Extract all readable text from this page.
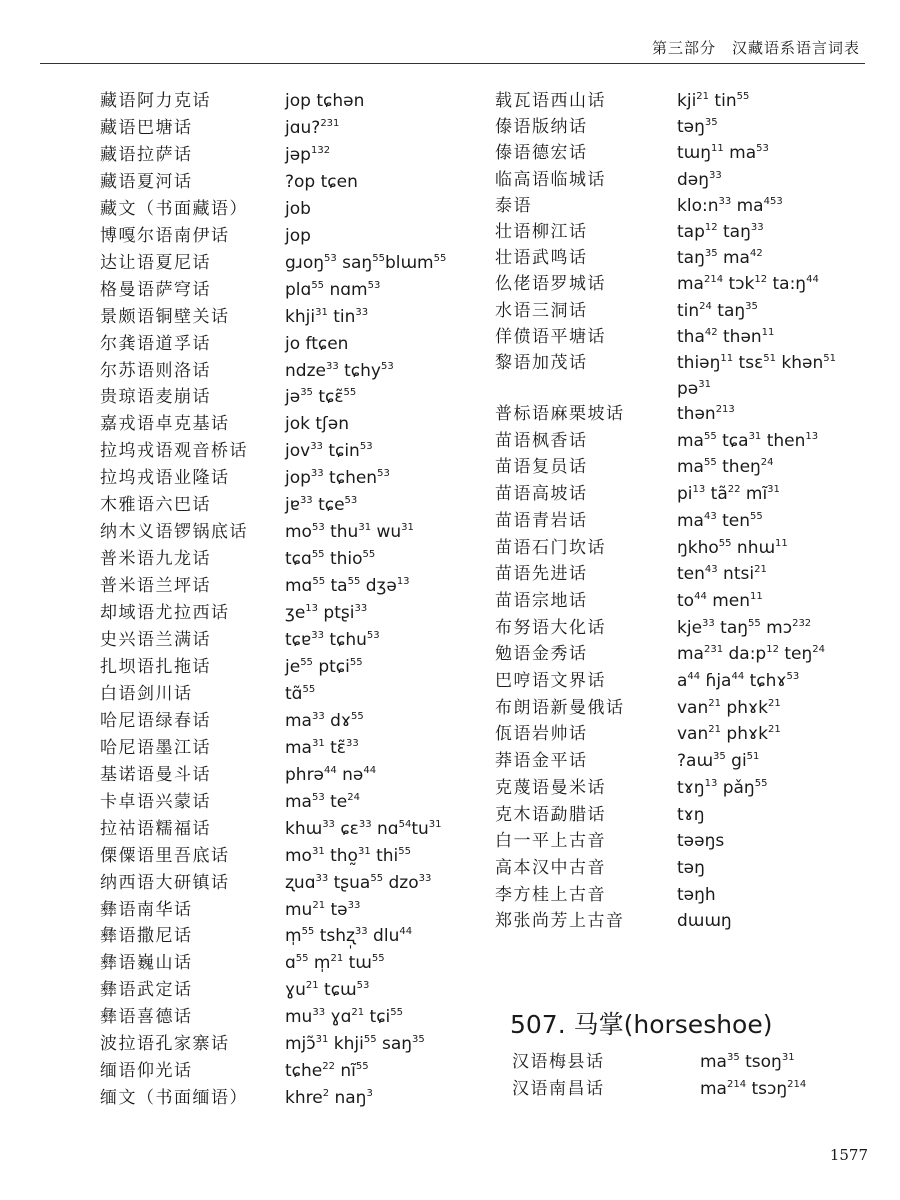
第三部分　汉藏语系语言词表
藏语阿力克话	jop tɕhən
藏语巴塘话	jɑu?$^{231}$
藏语拉萨话	jəp$^{132}$
藏语夏河话	?op tɕen
藏文（书面藏语） job
博嘎尔语南伊话	jop
达让语夏尼话	gɹoŋ$^{53}$ saŋ$^{55}$blɯm$^{55}$
格曼语萨穹话	plɑ$^{55}$ nɑm$^{53}$
景颇语铜壁关话	khji$^{31}$ tin$^{33}$
尔龚语道孚话	jo ftɕen
尔苏语则洛话	ndze$^{33}$ tɕhy$^{53}$
贵琼语麦崩话	jə$^{35}$ tɕɛ̃$^{55}$
嘉戎语卓克基话	jok tʃən
拉坞戎语观音桥话 jov$^{33}$ tɕin$^{53}$
拉坞戎语业隆话	jop$^{33}$ tɕhen$^{53}$
木雅语六巴话	jɐ$^{33}$ tɕe$^{53}$
纳木义语锣锅底话 $mo^{53}$ thu$^{31}$ $wu^{31}$
普米语九龙话	tɕɑ$^{55}$ thio$^{55}$
普米语兰坪话	mɑ$^{55}$ $ta^{55}$ dʒə$^{13}$
却域语尤拉西话	ʒe$^{13}$ ptʂi$^{33}$
史兴语兰满话	tɕɐ$^{33}$ tɕhu$^{53}$
扎坝语扎拖话	$je^{55}$ ptɕi$^{55}$
白语剑川话	tɑ̃$^{55}$
哈尼语绿春话	$ma^{33}$ dɤ$^{55}$
哈尼语墨江话	$ma^{31}$ tɛ̃$^{33}$
基诺语曼斗话	phrə$^{44}$ nə$^{44}$
卡卓语兴蒙话	$ma^{53}$ $te^{24}$
拉祜语糯福话	khɯ$^{33}$ ɕɛ$^{33}$ $nɑ^{54}tu^{31}$
傈僳语里吾底话	$mo^{31}$ tho̰$^{31}$ thi$^{55}$
纳西语大研镇话	ʐuɑ$^{33}$ tʂua$^{55}$ dzo$^{33}$
彝语南华话	$mu^{21}$ tə$^{33}$
彝语撒尼话	m̩$^{55}$ tshʐ̩$^{33}$ dlu$^{44}$
彝语巍山话	ɑ$^{55}$ m̩$^{21}$ tɯ$^{55}$
彝语武定话	ɣu$^{21}$ tɕɯ$^{53}$
彝语喜德话	$mu^{33}$ ɣɑ$^{21}$ tɕi$^{55}$
波拉语孔家寨话	mjɔ̃$^{31}$ khji$^{55}$ saŋ$^{35}$
缅语仰光话	tɕhe$^{22}$ $nĩ^{55}$
缅文（书面缅语） khre$^2$ naŋ$^3$
载瓦语西山话	kji$^{21}$ tin$^{55}$
傣语版纳话	təŋ$^{35}$
傣语德宏话	tɯŋ$^{11}$ $ma^{53}$
临高语临城话	dəŋ$^{33}$
泰语	$klo:n^{33}$ $ma^{453}$
壮语柳江话	tap$^{12}$ taŋ$^{33}$
壮语武鸣话	taŋ$^{35}$ $ma^{42}$
仫佬语罗城话	$ma^{214}$ tɔk$^{12}$ $ta:ŋ^{44}$
水语三洞话	tin$^{24}$ taŋ$^{35}$
佯偾语平塘话	tha$^{42}$ thən$^{11}$
黎语加茂话	thiəŋ$^{11}$ tsɛ$^{51}$ khən$^{51}$
pə$^{31}$
普标语麻栗坡话	thən$^{213}$
苗语枫香话	$ma^{55}$ tɕa$^{31}$ then$^{13}$
苗语复员话	$ma^{55}$ theŋ$^{24}$
苗语高坡话	$pi^{13}$ $tã^{22}$ $mĩ^{31}$
苗语青岩话	$ma^{43}$ ten$^{55}$
苗语石门坎话	ŋkho$^{55}$ nhɯ$^{11}$
苗语先进话	ten$^{43}$ ntsi$^{21}$
苗语宗地话	$to^{44}$ men$^{11}$
布努语大化话	kje$^{33}$ taŋ$^{55}$ mɔ$^{232}$
勉语金秀话	$ma^{231}$ $da:p^{12}$ teŋ$^{24}$
巴哼语文界话	$a^{44}$ ɦja$^{44}$ tɕhɤ$^{53}$
布朗语新曼俄话	van$^{21}$ phɤk$^{21}$
佤语岩帅话	van$^{21}$ phɤk$^{21}$
莽语金平话	?aɯ$^{35}$ $gi^{51}$
克蔑语曼米话	tɤŋ$^{13}$ pǎŋ$^{55}$
克木语勐腊话	tɤŋ
白一平上古音	təəŋs
高本汉中古音	təŋ
李方桂上古音	təŋh
郑张尚芳上古音	dɯɯŋ
507. 马掌(horseshoe)
汉语梅县话	$ma^{35}$ tsoŋ$^{31}$
汉语南昌话	$ma^{214}$ tsɔŋ$^{214}$
1577
